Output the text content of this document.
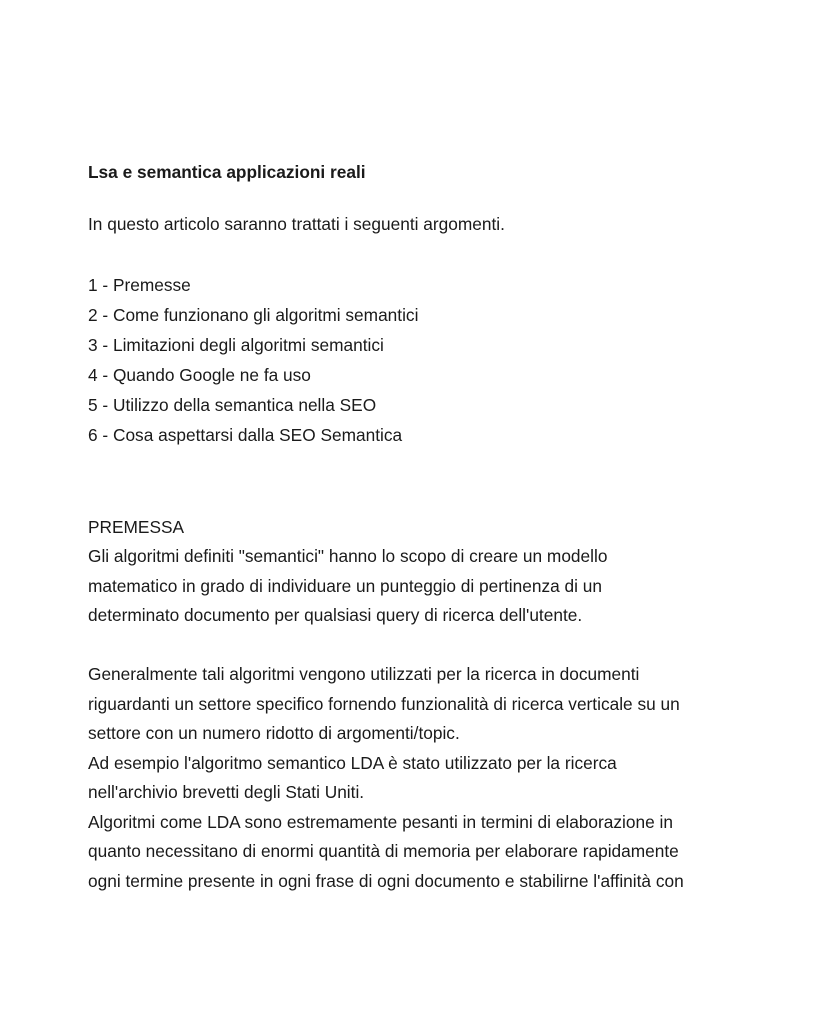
Lsa e semantica applicazioni reali

In questo articolo saranno trattati i seguenti argomenti.

1 - Premesse
2 - Come funzionano gli algoritmi semantici
3 - Limitazioni degli algoritmi semantici
4 - Quando Google ne fa uso
5 - Utilizzo della semantica nella SEO
6 - Cosa aspettarsi dalla SEO Semantica

PREMESSA

Gli algoritmi definiti "semantici" hanno lo scopo di creare un modello
matematico in grado di individuare un punteggio di pertinenza di un
determinato documento per qualsiasi query di ricerca dell'utente.

Generalmente tali algoritmi vengono utilizzati per la ricerca in documenti
riguardanti un settore specifico fornendo funzionalità di ricerca verticale su un
settore con un numero ridotto di argomenti/topic.
Ad esempio l'algoritmo semantico LDA è stato utilizzato per la ricerca
nell'archivio brevetti degli Stati Uniti.
Algoritmi come LDA sono estremamente pesanti in termini di elaborazione in
quanto necessitano di enormi quantità di memoria per elaborare rapidamente
ogni termine presente in ogni frase di ogni documento e stabilirne l'affinità con
